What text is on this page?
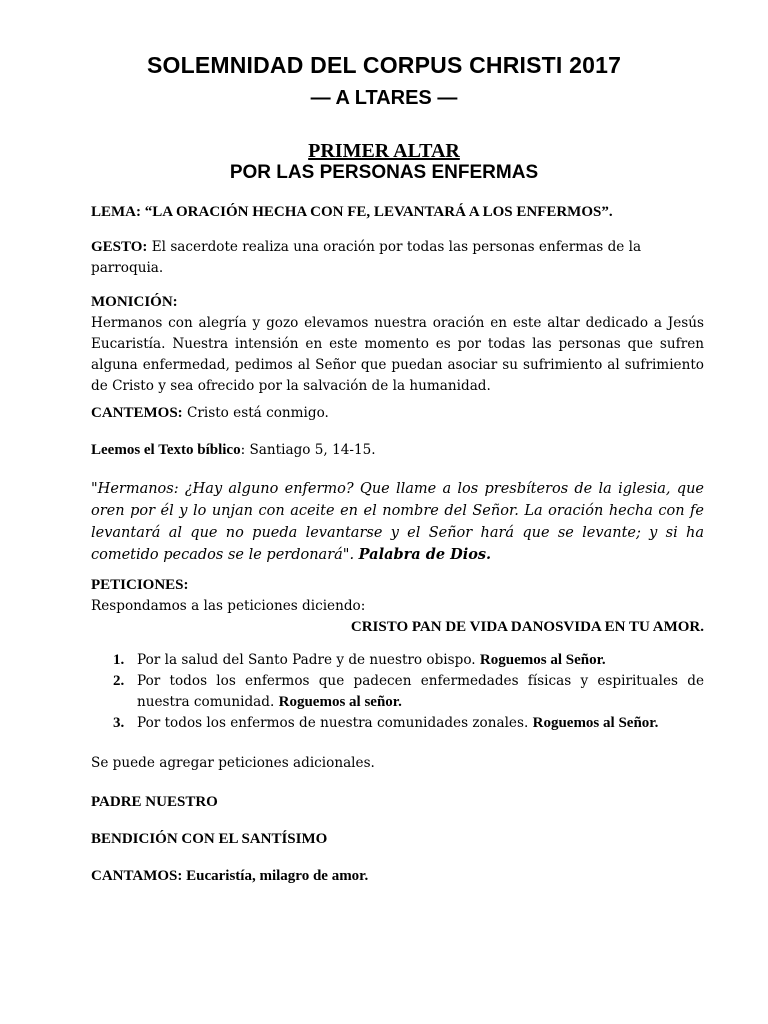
SOLEMNIDAD DEL CORPUS CHRISTI 2017
— A LTARES —
PRIMER ALTAR
POR LAS PERSONAS ENFERMAS
LEMA: “LA ORACIÓN HECHA CON FE, LEVANTARÁ A LOS ENFERMOS”.
GESTO: El sacerdote realiza una oración por todas las personas enfermas de la parroquia.
MONICIÓN:
Hermanos con alegría y gozo elevamos nuestra oración en este altar dedicado a Jesús Eucaristía. Nuestra intensión en este momento es por todas las personas que sufren alguna enfermedad, pedimos al Señor que puedan asociar su sufrimiento al sufrimiento de Cristo y sea ofrecido por la salvación de la humanidad.
CANTEMOS: Cristo está conmigo.
Leemos el Texto bíblico: Santiago 5, 14-15.
"Hermanos: ¿Hay alguno enfermo? Que llame a los presbíteros de la iglesia, que oren por él y lo unjan con aceite en el nombre del Señor. La oración hecha con fe levantará al que no pueda levantarse y el Señor hará que se levante; y si ha cometido pecados se le perdonará". Palabra de Dios.
PETICIONES:
Respondamos a las peticiones diciendo:
CRISTO PAN DE VIDA DANOSVIDA EN TU AMOR.
1. Por la salud del Santo Padre y de nuestro obispo. Roguemos al Señor.
2. Por todos los enfermos que padecen enfermedades físicas y espirituales de nuestra comunidad. Roguemos al señor.
3. Por todos los enfermos de nuestra comunidades zonales. Roguemos al Señor.
Se puede agregar peticiones adicionales.
PADRE NUESTRO
BENDICIÓN CON EL SANTÍSIMO
CANTAMOS: Eucaristía, milagro de amor.
